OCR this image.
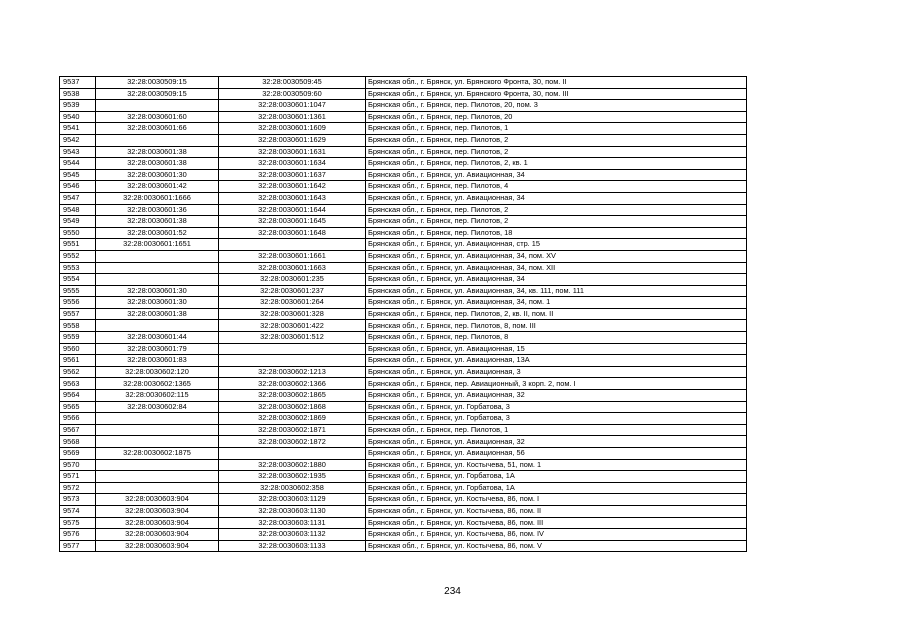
9537	32:28:0030509:15	32:28:0030509:45	Брянская обл., г. Брянск, ул. Брянского Фронта, 30, пом. II
9538	32:28:0030509:15	32:28:0030509:60	Брянская обл., г. Брянск, ул. Брянского Фронта, 30, пом. III
9539		32:28:0030601:1047	Брянская обл., г. Брянск, пер. Пилотов, 20, пом. 3
9540	32:28:0030601:60	32:28:0030601:1361	Брянская обл., г. Брянск, пер. Пилотов, 20
9541	32:28:0030601:66	32:28:0030601:1609	Брянская обл., г. Брянск, пер. Пилотов, 1
9542		32:28:0030601:1629	Брянская обл., г. Брянск, пер. Пилотов, 2
9543	32:28:0030601:38	32:28:0030601:1631	Брянская обл., г. Брянск, пер. Пилотов, 2
9544	32:28:0030601:38	32:28:0030601:1634	Брянская обл., г. Брянск, пер. Пилотов, 2, кв. 1
9545	32:28:0030601:30	32:28:0030601:1637	Брянская обл., г. Брянск, ул. Авиационная, 34
9546	32:28:0030601:42	32:28:0030601:1642	Брянская обл., г. Брянск, пер. Пилотов, 4
9547	32:28:0030601:1666	32:28:0030601:1643	Брянская обл., г. Брянск, ул. Авиационная, 34
9548	32:28:0030601:36	32:28:0030601:1644	Брянская обл., г. Брянск, пер. Пилотов, 2
9549	32:28:0030601:38	32:28:0030601:1645	Брянская обл., г. Брянск, пер. Пилотов, 2
9550	32:28:0030601:52	32:28:0030601:1648	Брянская обл., г. Брянск, пер. Пилотов, 18
9551	32:28:0030601:1651		Брянская обл., г. Брянск, ул. Авиационная, стр. 15
9552		32:28:0030601:1661	Брянская обл., г. Брянск, ул. Авиационная, 34, пом. XV
9553		32:28:0030601:1663	Брянская обл., г. Брянск, ул. Авиационная, 34, пом. XII
9554		32:28:0030601:235	Брянская обл., г. Брянск, ул. Авиационная, 34
9555	32:28:0030601:30	32:28:0030601:237	Брянская обл., г. Брянск, ул. Авиационная, 34, кв. 111, пом. 111
9556	32:28:0030601:30	32:28:0030601:264	Брянская обл., г. Брянск, ул. Авиационная, 34, пом. 1
9557	32:28:0030601:38	32:28:0030601:328	Брянская обл., г. Брянск, пер. Пилотов, 2, кв. II, пом. II
9558		32:28:0030601:422	Брянская обл., г. Брянск, пер. Пилотов, 8, пом. III
9559	32:28:0030601:44	32:28:0030601:512	Брянская обл., г. Брянск, пер. Пилотов, 8
9560	32:28:0030601:79		Брянская обл., г. Брянск, ул. Авиационная, 15
9561	32:28:0030601:83		Брянская обл., г. Брянск, ул. Авиационная, 13А
9562	32:28:0030602:120	32:28:0030602:1213	Брянская обл., г. Брянск, ул. Авиационная, 3
9563	32:28:0030602:1365	32:28:0030602:1366	Брянская обл., г. Брянск, пер. Авиационный, 3 корп. 2, пом. I
9564	32:28:0030602:115	32:28:0030602:1865	Брянская обл., г. Брянск, ул. Авиационная, 32
9565	32:28:0030602:84	32:28:0030602:1868	Брянская обл., г. Брянск, ул. Горбатова, 3
9566		32:28:0030602:1869	Брянская обл., г. Брянск, ул. Горбатова, 3
9567		32:28:0030602:1871	Брянская обл., г. Брянск, пер. Пилотов, 1
9568		32:28:0030602:1872	Брянская обл., г. Брянск, ул. Авиационная, 32
9569	32:28:0030602:1875		Брянская обл., г. Брянск, ул. Авиационная, 56
9570		32:28:0030602:1880	Брянская обл., г. Брянск, ул. Костычева, 51, пом. 1
9571		32:28:0030602:1935	Брянская обл., г. Брянск, ул. Горбатова, 1А
9572		32:28:0030602:358	Брянская обл., г. Брянск, ул. Горбатова, 1А
9573	32:28:0030603:904	32:28:0030603:1129	Брянская обл., г. Брянск, ул. Костычева, 86, пом. I
9574	32:28:0030603:904	32:28:0030603:1130	Брянская обл., г. Брянск, ул. Костычева, 86, пом. II
9575	32:28:0030603:904	32:28:0030603:1131	Брянская обл., г. Брянск, ул. Костычева, 86, пом. III
9576	32:28:0030603:904	32:28:0030603:1132	Брянская обл., г. Брянск, ул. Костычева, 86, пом. IV
9577	32:28:0030603:904	32:28:0030603:1133	Брянская обл., г. Брянск, ул. Костычева, 86, пом. V
234
